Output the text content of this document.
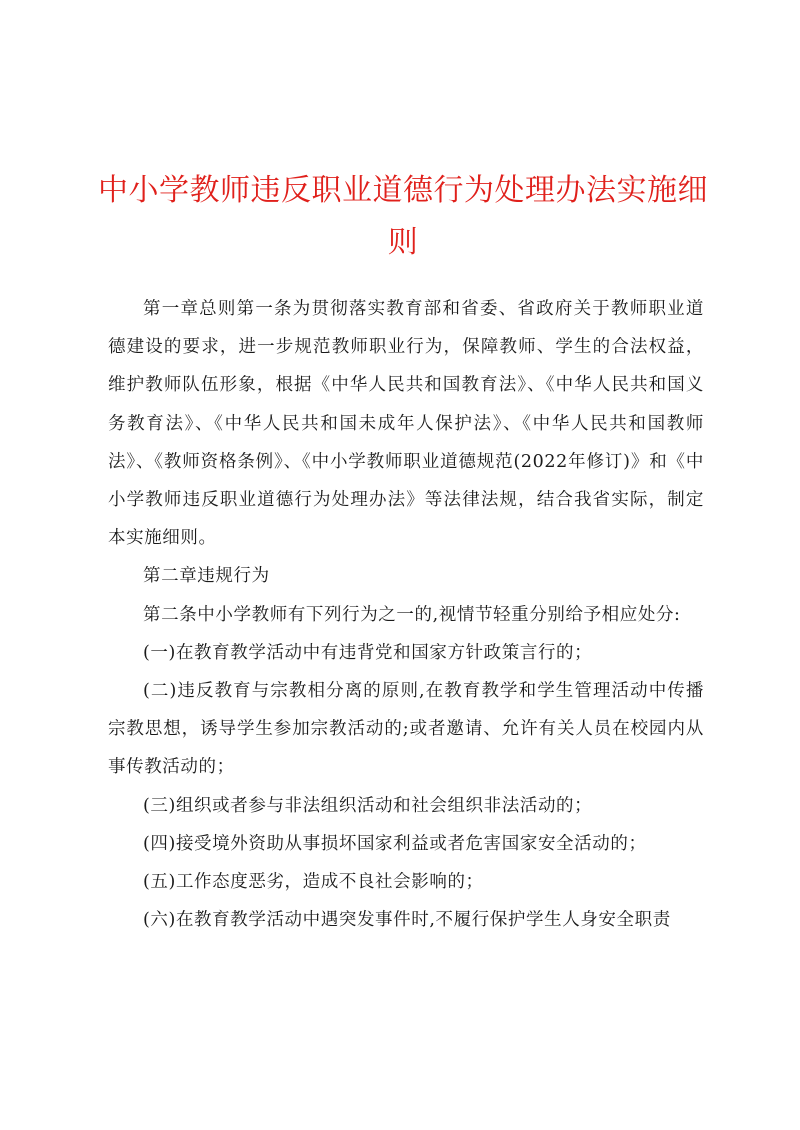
中小学教师违反职业道德行为处理办法实施细则

第一章总则第一条为贯彻落实教育部和省委、省政府关于教师职业道德建设的要求，进一步规范教师职业行为，保障教师、学生的合法权益，维护教师队伍形象，根据《中华人民共和国教育法》、《中华人民共和国义务教育法》、《中华人民共和国未成年人保护法》、《中华人民共和国教师法》、《教师资格条例》、《中小学教师职业道德规范(2022年修订)》和《中小学教师违反职业道德行为处理办法》等法律法规，结合我省实际，制定本实施细则。

第二章违规行为

第二条中小学教师有下列行为之一的,视情节轻重分别给予相应处分:

(一)在教育教学活动中有违背党和国家方针政策言行的；

(二)违反教育与宗教相分离的原则,在教育教学和学生管理活动中传播宗教思想，诱导学生参加宗教活动的;或者邀请、允许有关人员在校园内从事传教活动的；

(三)组织或者参与非法组织活动和社会组织非法活动的；

(四)接受境外资助从事损坏国家利益或者危害国家安全活动的；

(五)工作态度恶劣，造成不良社会影响的；

(六)在教育教学活动中遇突发事件时,不履行保护学生人身安全职责
